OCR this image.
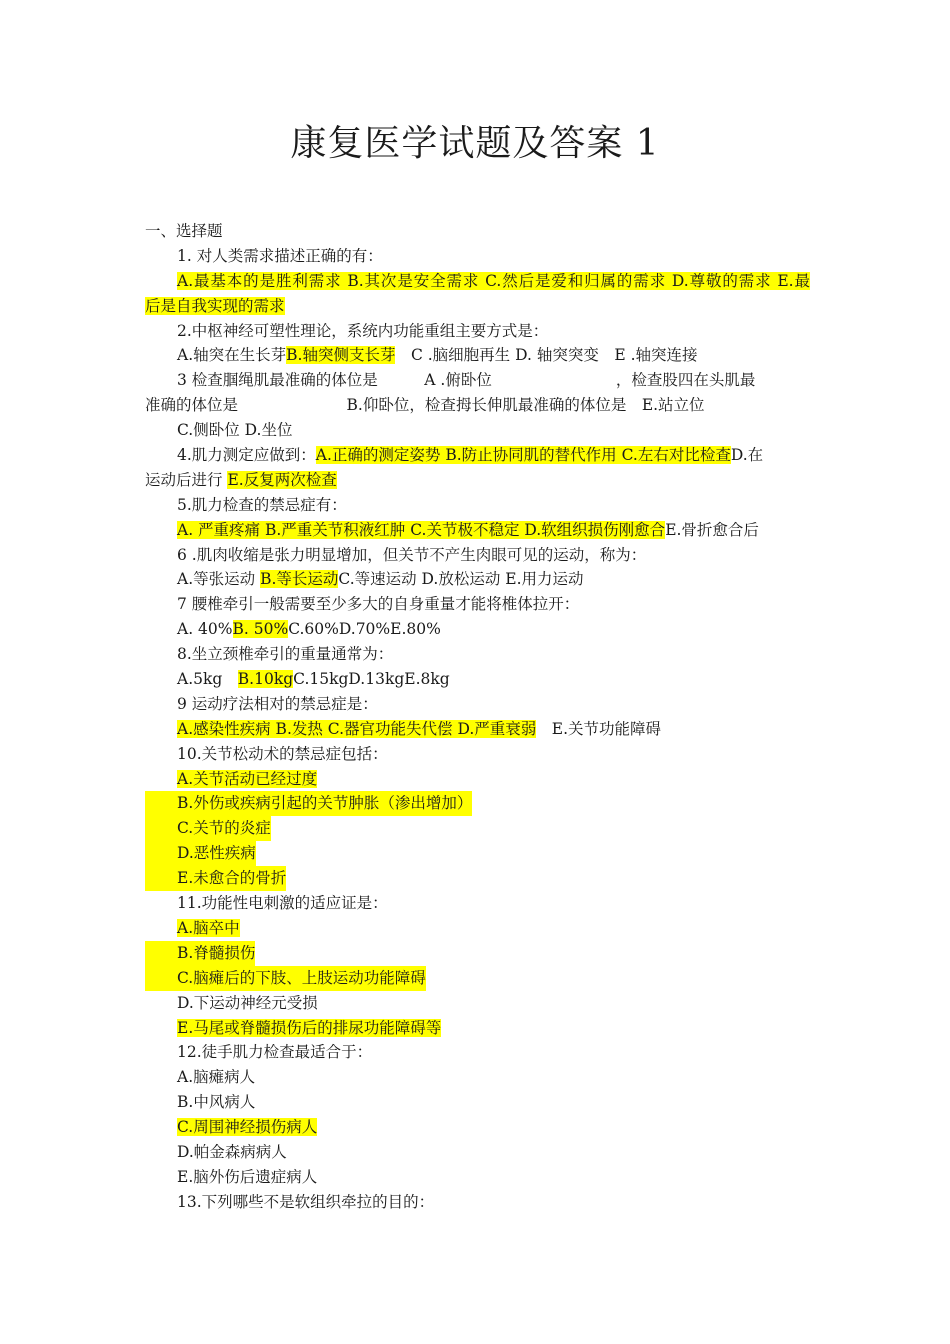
康复医学试题及答案 1
一、选择题
1. 对人类需求描述正确的有：
A.最基本的是胜利需求 B.其次是安全需求 C.然后是爱和归属的需求 D.尊敬的需求 E.最
后是自我实现的需求
2.中枢神经可塑性理论，系统内功能重组主要方式是：
A.轴突在生长芽B.轴突侧支长芽　 C .脑细胞再生 D. 轴突突变　E .轴突连接
3 检查腘绳肌最准确的体位是　　　A .俯卧位　　　　　　　　，检查股四在头肌最
准确的体位是　　　　　　　B.仰卧位，检查拇长伸肌最准确的体位是　E.站立位
C.侧卧位 D.坐位
4.肌力测定应做到：A.正确的测定姿势 B.防止协同肌的替代作用 C.左右对比检查D.在
运动后进行 E.反复两次检查
5.肌力检查的禁忌症有：
A. 严重疼痛 B.严重关节积液红肿 C.关节极不稳定 D.软组织损伤刚愈合E.骨折愈合后
6 .肌肉收缩是张力明显增加，但关节不产生肉眼可见的运动，称为：
A.等张运动 B.等长运动C.等速运动 D.放松运动 E.用力运动
7 腰椎牵引一般需要至少多大的自身重量才能将椎体拉开：
A. 40%B. 50%C.60%D.70%E.80%
8.坐立颈椎牵引的重量通常为：
A.5kg　B.10kgC.15kgD.13kgE.8kg
9 运动疗法相对的禁忌症是：
A.感染性疾病 B.发热 C.器官功能失代偿 D.严重衰弱　E.关节功能障碍
10.关节松动术的禁忌症包括：
A.关节活动已经过度
B.外伤或疾病引起的关节肿胀（渗出增加）
C.关节的炎症
D.恶性疾病
E.未愈合的骨折
11.功能性电刺激的适应证是：
A.脑卒中
B.脊髓损伤
C.脑瘫后的下肢、上肢运动功能障碍
D.下运动神经元受损
E.马尾或脊髓损伤后的排尿功能障碍等
12.徒手肌力检查最适合于：
A.脑瘫病人
B.中风病人
C.周围神经损伤病人
D.帕金森病病人
E.脑外伤后遗症病人
13.下列哪些不是软组织牵拉的目的：
